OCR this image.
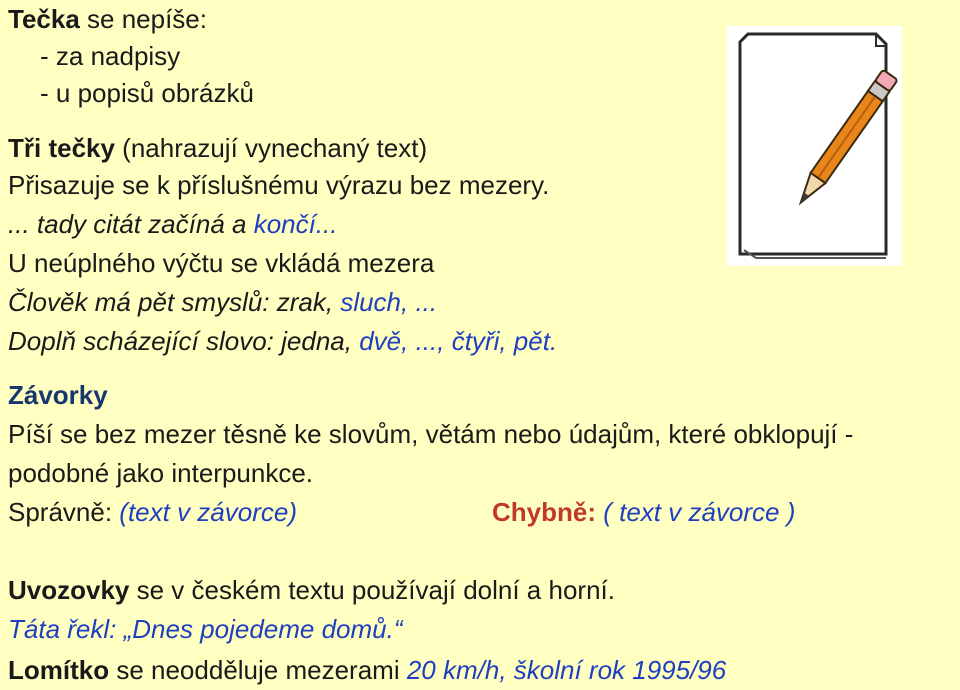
Tečka se nepíše:
- za nadpisy
- u popisů obrázků
Tři tečky (nahrazují vynechaný text)
Přisazuje se k příslušnému výrazu bez mezery.
... tady citát začíná a končí...
U neúplného výčtu se vkládá mezera
Člověk má pět smyslů: zrak, sluch, ...
Doplň scházející slovo: jedna, dvě, ..., čtyři, pět.
Závorky
Píší se bez mezer těsně ke slovům, větám nebo údajům, které obklopují -
podobné jako interpunkce.
Správně: (text v závorce)	Chybně: ( text v závorce )
Uvozovky se v českém textu používají dolní a horní.
Táta řekl: „Dnes pojedeme domů.“
Lomítko se neodděluje mezerami 20 km/h, školní rok 1995/96
